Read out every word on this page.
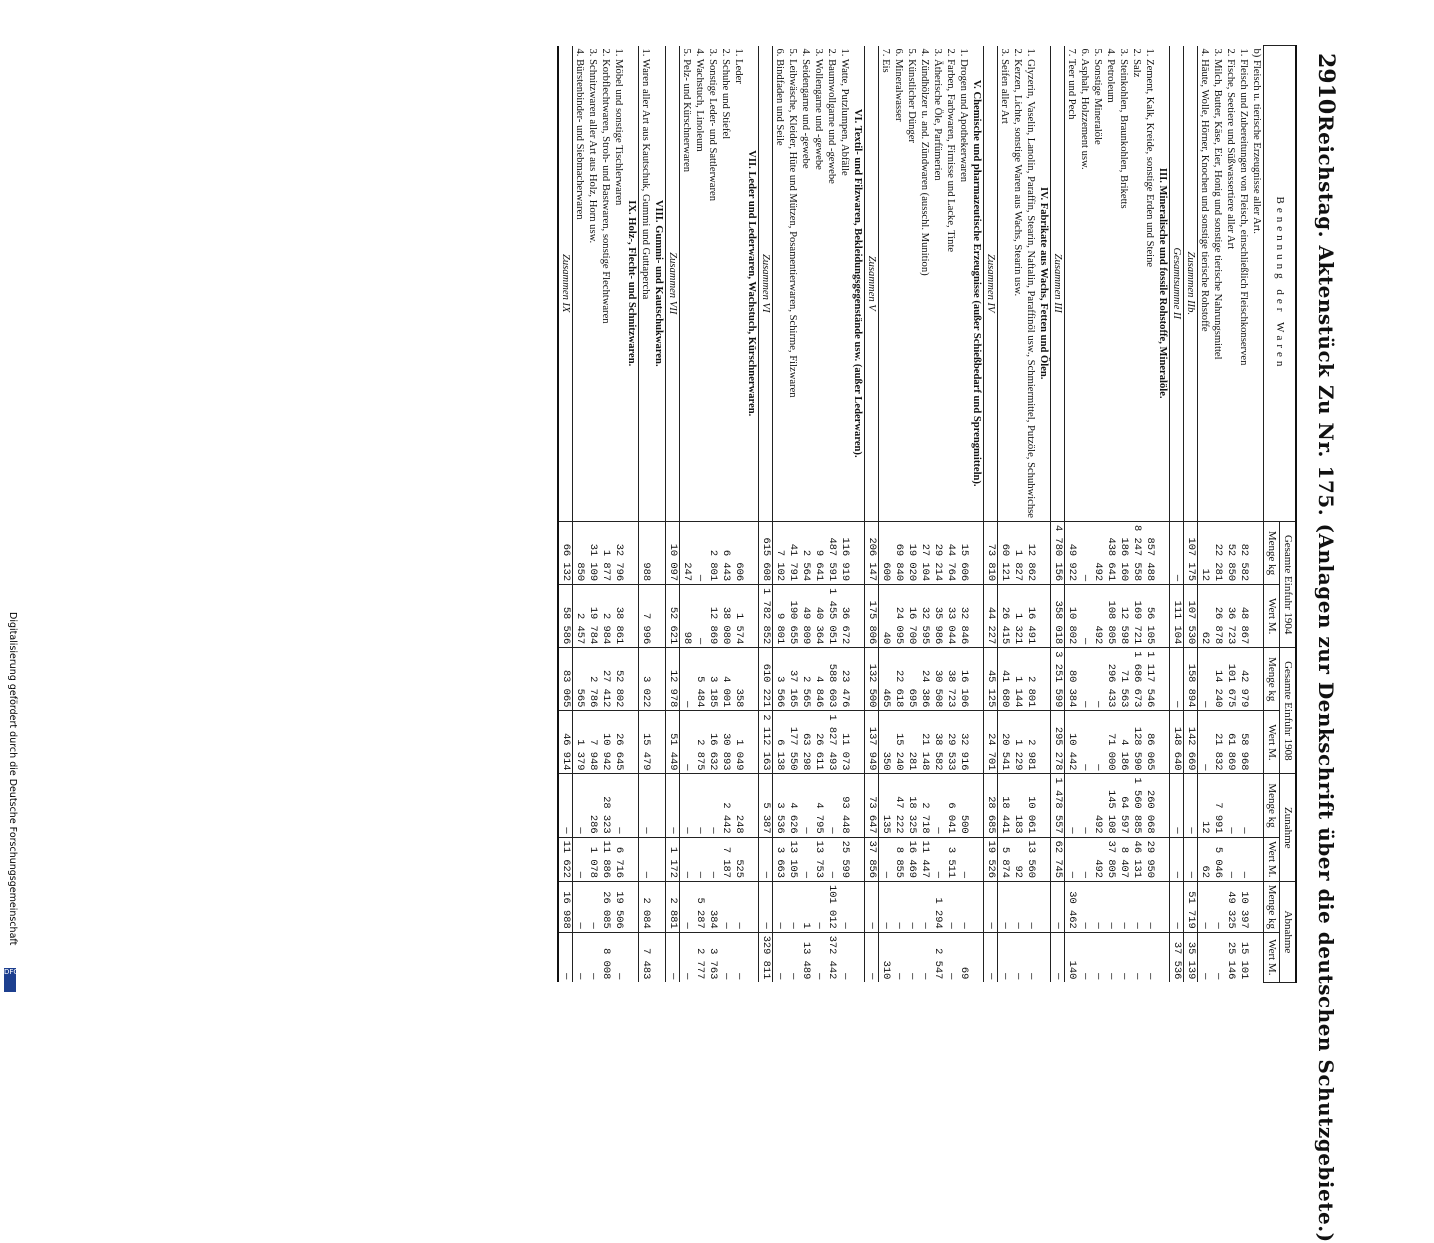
2910
Reichstag. Aktenstück Zu Nr. 175. (Anlagen zur Denkschrift über die deutschen Schutzgebiete.)
Benennung der Waren	Gesamte Einfuhr 1904		Gesamte Einfuhr 1908		Zunahme		Abnahme	
	Menge kg	Wert M.	Menge kg	Wert M.	Menge kg	Wert M.	Menge kg	Wert M.
b) Fleisch u. tierische Erzeugnisse aller Art.								
1. Fleisch und Zubereitungen von Fleisch, einschließlich Fleischkonserven	82 582	48 867	42 979	58 968	—	—	10 397	15 101
2. Fische, Seetiere und Süßwassertiere aller Art	52 850	36 723	101 675	61 869	—	—	49 325	25 146
3. Milch, Butter, Käse, Eier, Honig und sonstige tierische Nahrungsmittel	22 281	26 878	14 240	21 832	7 991	5 046	—	—
4. Häute, Wolle, Hörner, Knochen und sonstige tierische Rohstoffe	12	62	—	—	12	62	—	—
Zusammen IIb.	107 175	107 530	158 894	142 669	—	—	51 719	35 139
Gesamtsumme II	—	111 104	—	148 640	—	—	—	37 536
III. Mineralische und fossile Rohstoffe, Mineralöle.								
1. Zement, Kalk, Kreide, sonstige Erden und Steine	857 488	56 105	1 117 546	86 065	260 068	29 950	—	—
2. Salz	8 247 558	169 721	1 686 673	128 590	1 560 885	46 131	—	—
3. Steinkohlen, Braunkohlen, Briketts	186 160	12 598	71 563	4 186	64 597	8 407	—	—
4. Petroleum	438 641	108 805	296 433	71 000	145 108	37 805	—	—
5. Sonstige Mineralöle	492	492	—	—	492	492	—	—
6. Asphalt, Holzzement usw.	—	—	—	—	—	—	—	—
7. Teer und Pech	49 922	10 802	80 384	10 442	—	—	30 462	140
Zusammen III	4 780 156	358 018	3 251 599	295 278	1 478 557	62 745	—	—
IV. Fabrikate aus Wachs, Fetten und Ölen.								
1. Glyzerin, Vaselin, Lanolin, Paraffin, Stearin, Naftalin, Paraffinöl usw., Schmiermittel, Putzöle, Schuhwichse	12 862	16 491	2 801	2 981	10 061	13 560	—	—
2. Kerzen, Lichte, sonstige Waren aus Wachs, Stearin usw.	1 827	1 321	1 144	1 229	183	92	—	—
3. Seifen aller Art	60 121	26 415	41 680	20 541	18 441	5 874	—	—
Zusammen IV	73 810	44 227	45 125	24 701	28 685	19 526	—	—
V. Chemische und pharmazeutische Erzeugnisse (außer Schießbedarf und Sprengmitteln).								
1. Drogen und Apothekerwaren	15 606	32 846	16 106	32 916	500	—	—	69
2. Farben, Farbwaren, Firnisse und Lacke, Tinte	44 764	33 044	38 723	29 533	6 041	3 511	—	—
3. Ätherische Öle, Parfümerien	29 214	35 986	30 508	38 582	—	—	1 294	2 547
4. Zündhölzer u. and. Zündwaren (ausschl. Munition)	27 104	32 595	24 386	21 148	2 718	11 447	—	—
5. Künstlicher Dünger	19 020	16 700	695	281	18 325	16 469	—	—
6. Mineralwasser	69 840	24 095	22 618	15 240	47 222	8 855	—	—
7. Eis	600	40	465	350	135	—	—	310
Zusammen V	206 147	175 806	132 500	137 949	73 647	37 856	—	—
VI. Textil- und Filzwaren, Bekleidungsgegenstände usw. (außer Lederwaren).								
1. Watte, Putzlumpen, Abfälle	116 919	36 672	23 476	11 073	93 448	25 599	—	—
2. Baumwollgarne und -gewebe	487 591	1 455 051	588 603	1 827 493	—	—	101 012	372 442
3. Wollengarne und -gewebe	9 641	40 364	4 846	26 611	4 795	13 753	—	—
4. Seidengarne und -gewebe	2 564	49 809	2 565	63 298	—	—	1	13 489
5. Leibwäsche, Kleider, Hüte und Mützen, Posamentierwaren, Schirme, Filzwaren	41 791	190 655	37 165	177 550	4 626	13 105	—	—
6. Bindfaden und Seile	7 102	9 801	3 566	6 138	3 536	3 663	—	—
Zusammen VI	615 608	1 782 852	610 221	2 112 163	5 387	—	—	329 811
VII. Leder und Lederwaren, Wachstuch, Kürschnerwaren.								
1. Leder	606	1 574	358	1 049	248	525	—	—
2. Schuhe und Stiefel	6 443	38 080	4 001	30 893	2 442	7 187	—	—
3. Sonstige Leder- und Sattlerwaren	2 801	12 869	3 185	16 632	—	—	384	3 763
4. Wachstuch, Linoleum	—	—	5 484	2 875	—	—	5 287	2 777
5. Pelz- und Kürschnerwaren	247	98	—	—	—	—	—	—
Zusammen VII	10 097	52 621	12 978	51 449	—	1 172	2 881	—
VIII. Gummi- und Kautschukwaren.								
1. Waren aller Art aus Kautschuk, Gummi und Guttapercha	988	7 996	3 022	15 479	—	—	2 084	7 483
IX. Holz-, Flecht- und Schnitzwaren.								
1. Möbel und sonstige Tischlerwaren	32 796	38 861	52 802	26 645	—	6 716	19 506	—
2. Korbflechtwaren, Stroh- und Bastwaren, sonstige Flechtwaren	1 877	2 984	27 412	10 942	28 323	11 886	26 085	8 008
3. Schnitzwaren aller Art aus Holz, Horn usw.	31 109	19 784	2 786	7 948	286	1 078	—	—
4. Bürstenbinder- und Siebmacherwaren	850	2 457	565	1 379	—	—	—	—
Zusammen IX	66 132	58 586	83 065	46 914	—	11 622	16 988	—
Digitalisierung gefördert durch die Deutsche Forschungsgemeinschaft
DFG
